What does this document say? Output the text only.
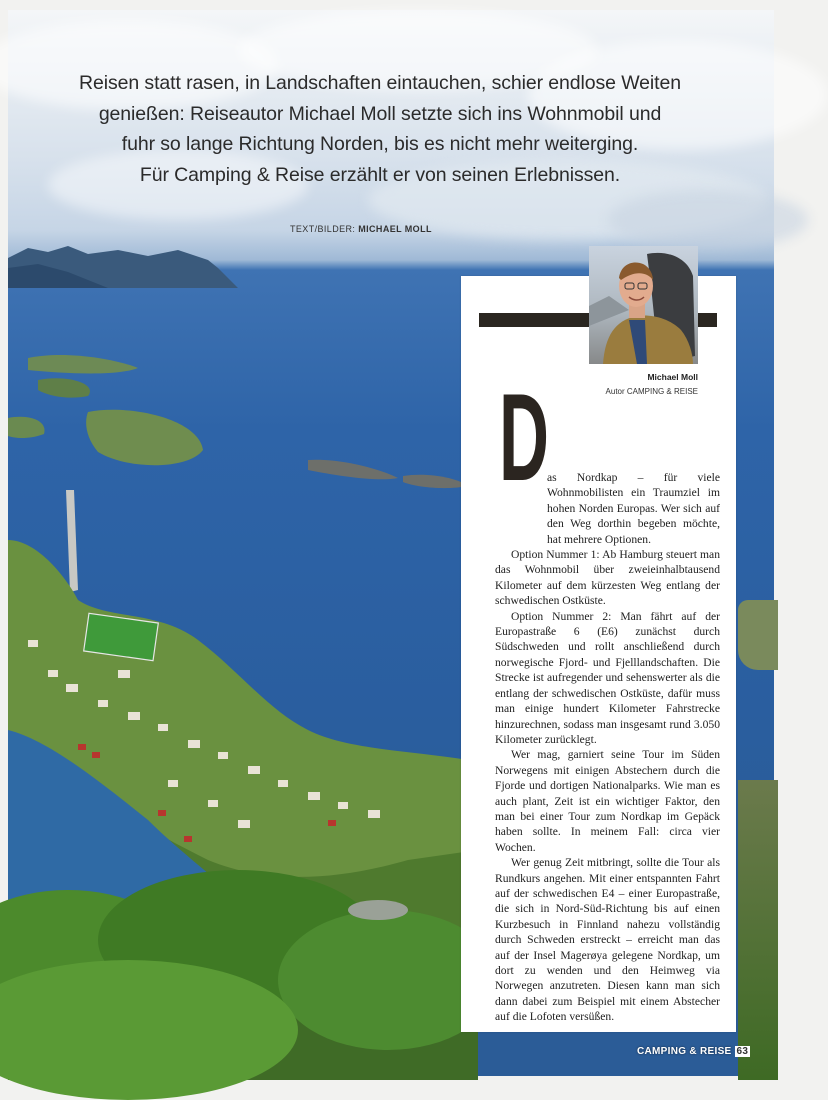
Reisen statt rasen, in Landschaften eintauchen, schier endlose Weiten
genießen: Reiseautor Michael Moll setzte sich ins Wohnmobil und
fuhr so lange Richtung Norden, bis es nicht mehr weiterging.
Für Camping & Reise erzählt er von seinen Erlebnissen.
TEXT/BILDER: MICHAEL MOLL
Michael Moll
Autor CAMPING & REISE
D

as Nordkap – für viele Wohnmobilisten ein Traumziel im hohen Norden Europas. Wer sich auf den Weg dorthin begeben möchte, hat mehrere Optionen.

Option Nummer 1: Ab Hamburg steuert man das Wohnmobil über zweieinhalbtausend Kilometer auf dem kürzesten Weg entlang der schwedischen Ostküste.

Option Nummer 2: Man fährt auf der Europastraße 6 (E6) zunächst durch Südschweden und rollt anschließend durch norwegische Fjord- und Fjelllandschaften. Die Strecke ist aufregender und sehenswerter als die entlang der schwedischen Ostküste, dafür muss man einige hundert Kilometer Fahrstrecke hinzurechnen, sodass man insgesamt rund 3.050 Kilometer zurücklegt.

Wer mag, garniert seine Tour im Süden Norwegens mit einigen Abstechern durch die Fjorde und dortigen Nationalparks. Wie man es auch plant, Zeit ist ein wichtiger Faktor, den man bei einer Tour zum Nordkap im Gepäck haben sollte. In meinem Fall: circa vier Wochen.

Wer genug Zeit mitbringt, sollte die Tour als Rundkurs angehen. Mit einer entspannten Fahrt auf der schwedischen E4 – einer Europastraße, die sich in Nord-Süd-Richtung bis auf einen Kurzbesuch in Finnland nahezu vollständig durch Schweden erstreckt – erreicht man das auf der Insel Magerøya gelegene Nordkap, um dort zu wenden und den Heimweg via Norwegen anzutreten. Diesen kann man sich dann dabei zum Beispiel mit einem Abstecher auf die Lofoten versüßen.

CAMPING & REISE 63
